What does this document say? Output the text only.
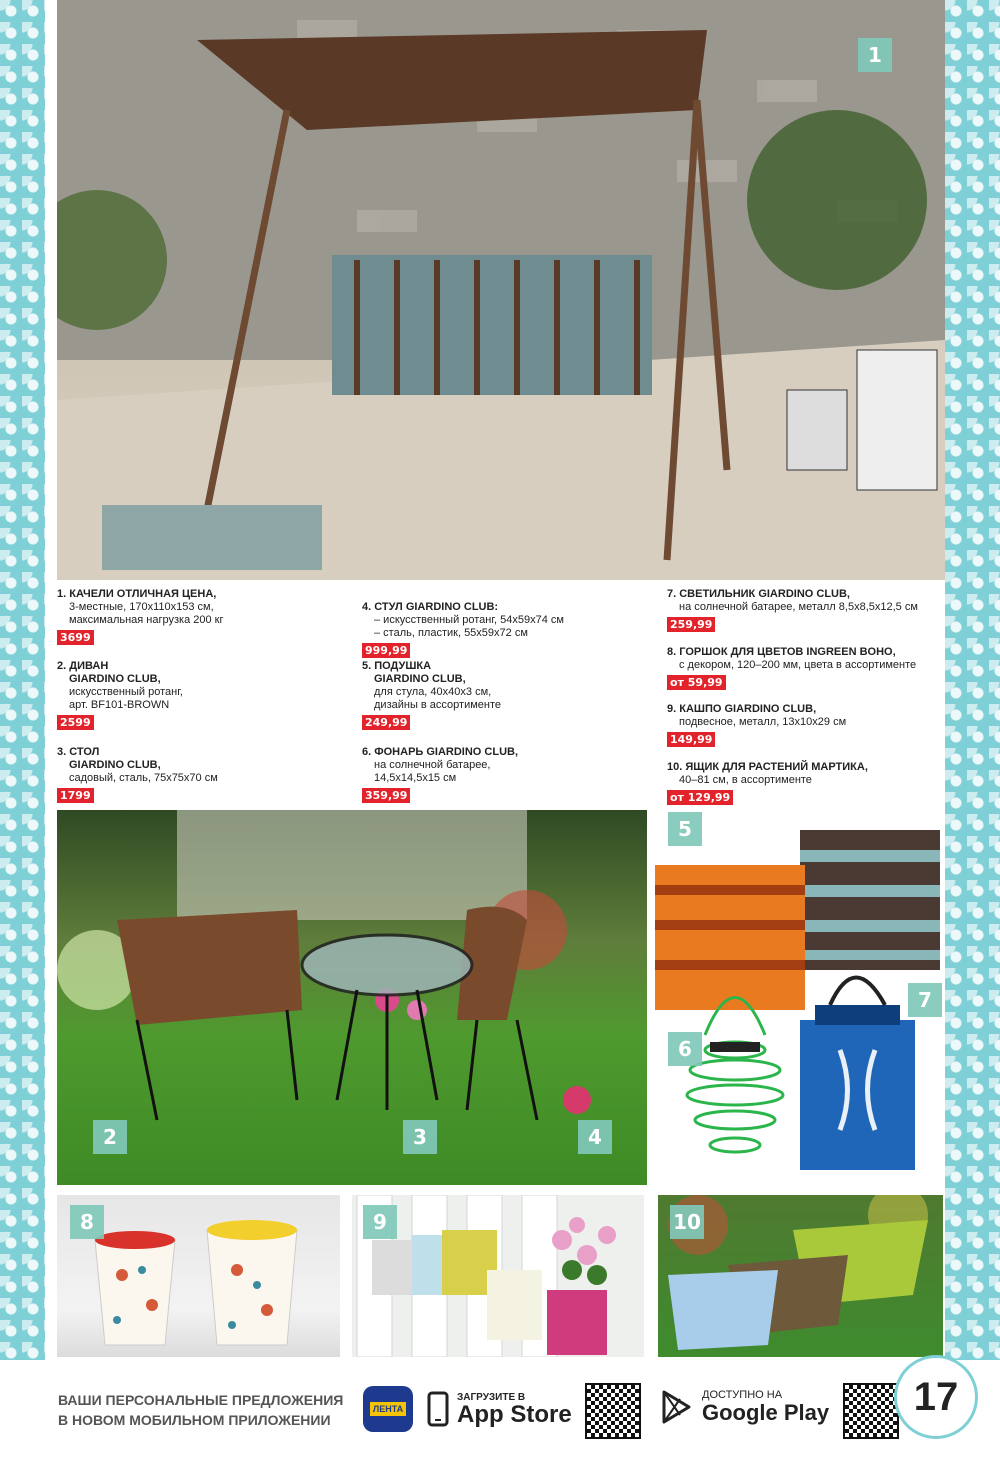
1
1. КАЧЕЛИ ОТЛИЧНАЯ ЦЕНА,
3-местные, 170х110х153 см,
максимальная нагрузка 200 кг
3699
2. ДИВАН
GIARDINO CLUB,
искусственный ротанг,
арт. BF101-BROWN
2599
3. СТОЛ
GIARDINO CLUB,
садовый, сталь, 75х75х70 см
1799
4. СТУЛ GIARDINO CLUB:
– искусственный ротанг, 54х59х74 см
– сталь, пластик, 55х59х72 см
999,99
5. ПОДУШКА
GIARDINO CLUB,
для стула, 40х40х3 см,
дизайны в ассортименте
249,99
6. ФОНАРЬ GIARDINO CLUB,
на солнечной батарее,
14,5х14,5х15 см
359,99
7. СВЕТИЛЬНИК GIARDINO CLUB,
на солнечной батарее, металл 8,5х8,5х12,5 см
259,99
8. ГОРШОК ДЛЯ ЦВЕТОВ INGREEN BOHO,
с декором, 120–200 мм, цвета в ассортименте
от 59,99
9. КАШПО GIARDINO CLUB,
подвесное, металл, 13х10х29 см
149,99
10. ЯЩИК ДЛЯ РАСТЕНИЙ МАРТИКА,
40–81 см, в ассортименте
от 129,99
2	3	4
5
6
7
8	9	10
ВАШИ ПЕРСОНАЛЬНЫЕ ПРЕДЛОЖЕНИЯ
В НОВОМ МОБИЛЬНОМ ПРИЛОЖЕНИИ
ЛЕНТА
ЗАГРУЗИТЕ В
App Store
ДОСТУПНО НА
Google Play	17
